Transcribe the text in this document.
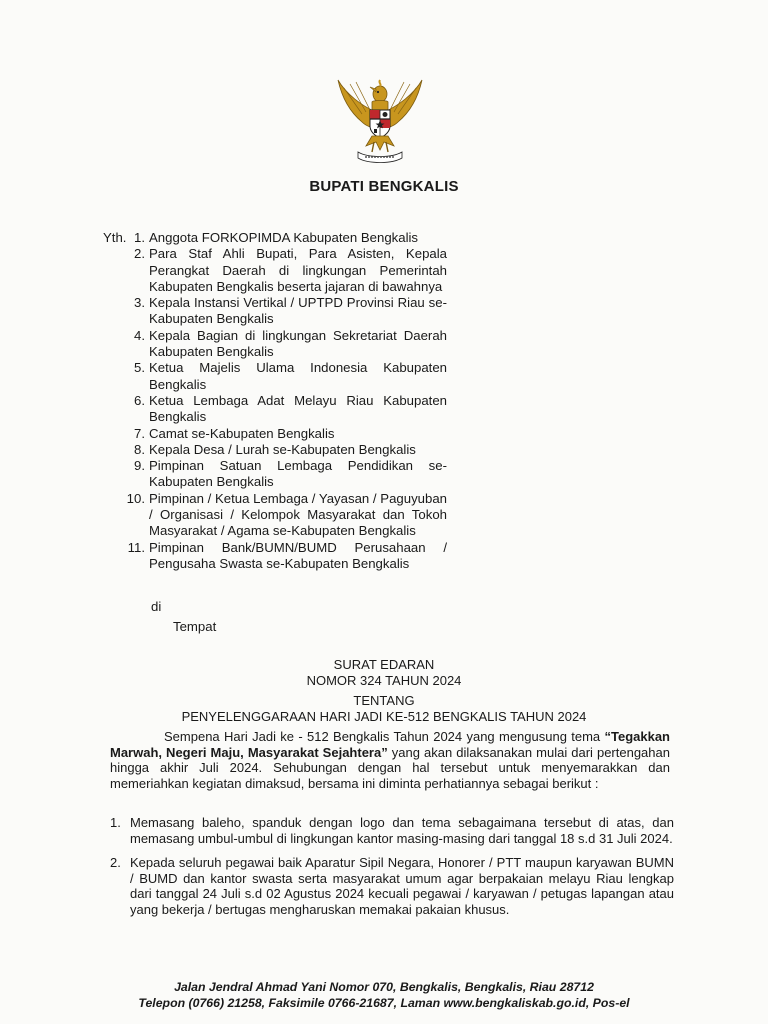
BUPATI BENGKALIS
Yth. 1. Anggota FORKOPIMDA Kabupaten Bengkalis
2. Para Staf Ahli Bupati, Para Asisten, Kepala Perangkat Daerah di lingkungan Pemerintah Kabupaten Bengkalis beserta jajaran di bawahnya
3. Kepala Instansi Vertikal / UPTPD Provinsi Riau se-Kabupaten Bengkalis
4. Kepala Bagian di lingkungan Sekretariat Daerah Kabupaten Bengkalis
5. Ketua Majelis Ulama Indonesia Kabupaten Bengkalis
6. Ketua Lembaga Adat Melayu Riau Kabupaten Bengkalis
7. Camat se-Kabupaten Bengkalis
8. Kepala Desa / Lurah se-Kabupaten Bengkalis
9. Pimpinan Satuan Lembaga Pendidikan se-Kabupaten Bengkalis
10. Pimpinan / Ketua Lembaga / Yayasan / Paguyuban / Organisasi / Kelompok Masyarakat dan Tokoh Masyarakat / Agama se-Kabupaten Bengkalis
11. Pimpinan Bank/BUMN/BUMD Perusahaan / Pengusaha Swasta se-Kabupaten Bengkalis
di
Tempat
SURAT EDARAN
NOMOR 324 TAHUN 2024
TENTANG
PENYELENGGARAAN HARI JADI KE-512 BENGKALIS TAHUN 2024
Sempena Hari Jadi ke - 512 Bengkalis Tahun 2024 yang mengusung tema “Tegakkan Marwah, Negeri Maju, Masyarakat Sejahtera” yang akan dilaksanakan mulai dari pertengahan hingga akhir Juli 2024. Sehubungan dengan hal tersebut untuk menyemarakkan dan memeriahkan kegiatan dimaksud, bersama ini diminta perhatiannya sebagai berikut :
1. Memasang baleho, spanduk dengan logo dan tema sebagaimana tersebut di atas, dan memasang umbul-umbul di lingkungan kantor masing-masing dari tanggal 18 s.d 31 Juli 2024.
2. Kepada seluruh pegawai baik Aparatur Sipil Negara, Honorer / PTT maupun karyawan BUMN / BUMD dan kantor swasta serta masyarakat umum agar berpakaian melayu Riau lengkap dari tanggal 24 Juli s.d 02 Agustus 2024 kecuali pegawai / karyawan / petugas lapangan atau yang bekerja / bertugas mengharuskan memakai pakaian khusus.
Jalan Jendral Ahmad Yani Nomor 070, Bengkalis, Bengkalis, Riau 28712
Telepon (0766) 21258, Faksimile 0766-21687, Laman www.bengkaliskab.go.id, Pos-el
